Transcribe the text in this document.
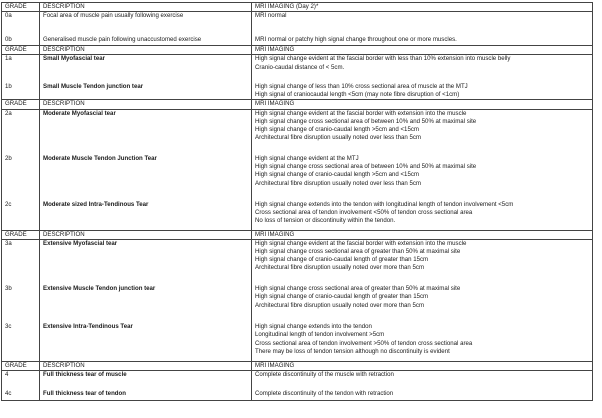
GRADE	DESCRIPTION	MRI IMAGING (Day 2)*
0a	Focal area of muscle pain usually following exercise	MRI normal

0b	Generalised muscle pain following unaccustomed exercise	MRI normal or patchy high signal change throughout one or more muscles.

GRADE	DESCRIPTION	MRI IMAGING
1a	Small Myofascial tear	High signal change evident at the fascial border with less than 10% extension into muscle belly
Cranio-caudal distance of < 5cm.

1b	Small Muscle Tendon junction tear	High signal change of less than 10% cross sectional area of muscle at the MTJ
High signal of craniocaudal length <5cm (may note fibre disruption of <1cm)

GRADE	DESCRIPTION	MRI IMAGING
2a	Moderate Myofascial tear	High signal change evident at the fascial border with extension into the muscle
High signal change cross sectional area of between 10% and 50% at maximal site
High signal change of cranio-caudal length >5cm and <15cm
Architectural fibre disruption usually noted over less than 5cm

2b	Moderate Muscle Tendon Junction Tear	High signal change evident at the MTJ
High signal change cross sectional area of between 10% and 50% at maximal site
High signal change of cranio-caudal length >5cm and <15cm
Architectural fibre disruption usually noted over less than 5cm

2c	Moderate sized Intra-Tendinous Tear	High signal change extends into the tendon with longitudinal length of tendon involvement <5cm
Cross sectional area of tendon involvement <50% of tendon cross sectional area
No loss of tension or discontinuity within the tendon.

GRADE	DESCRIPTION	MRI IMAGING
3a	Extensive Myofascial tear	High signal change evident at the fascial border with extension into the muscle
High signal change cross sectional area of greater than 50% at maximal site
High signal change of cranio-caudal length of greater than 15cm
Architectural fibre disruption usually noted over more than 5cm

3b	Extensive Muscle Tendon junction tear	High signal change cross sectional area of greater than 50% at maximal site
High signal change of cranio-caudal length of greater than 15cm
Architectural fibre disruption usually noted over more than 5cm

3c	Extensive Intra-Tendinous Tear	High signal change extends into the tendon
Longitudinal length of tendon involvement >5cm
Cross sectional area of tendon involvement >50% of tendon cross sectional area
There may be loss of tendon tension although no discontinuity is evident

GRADE	DESCRIPTION	MRI IMAGING
4	Full thickness tear of muscle	Complete discontinuity of the muscle with retraction

4c	Full thickness tear of tendon	Complete discontinuity of the tendon with retraction
